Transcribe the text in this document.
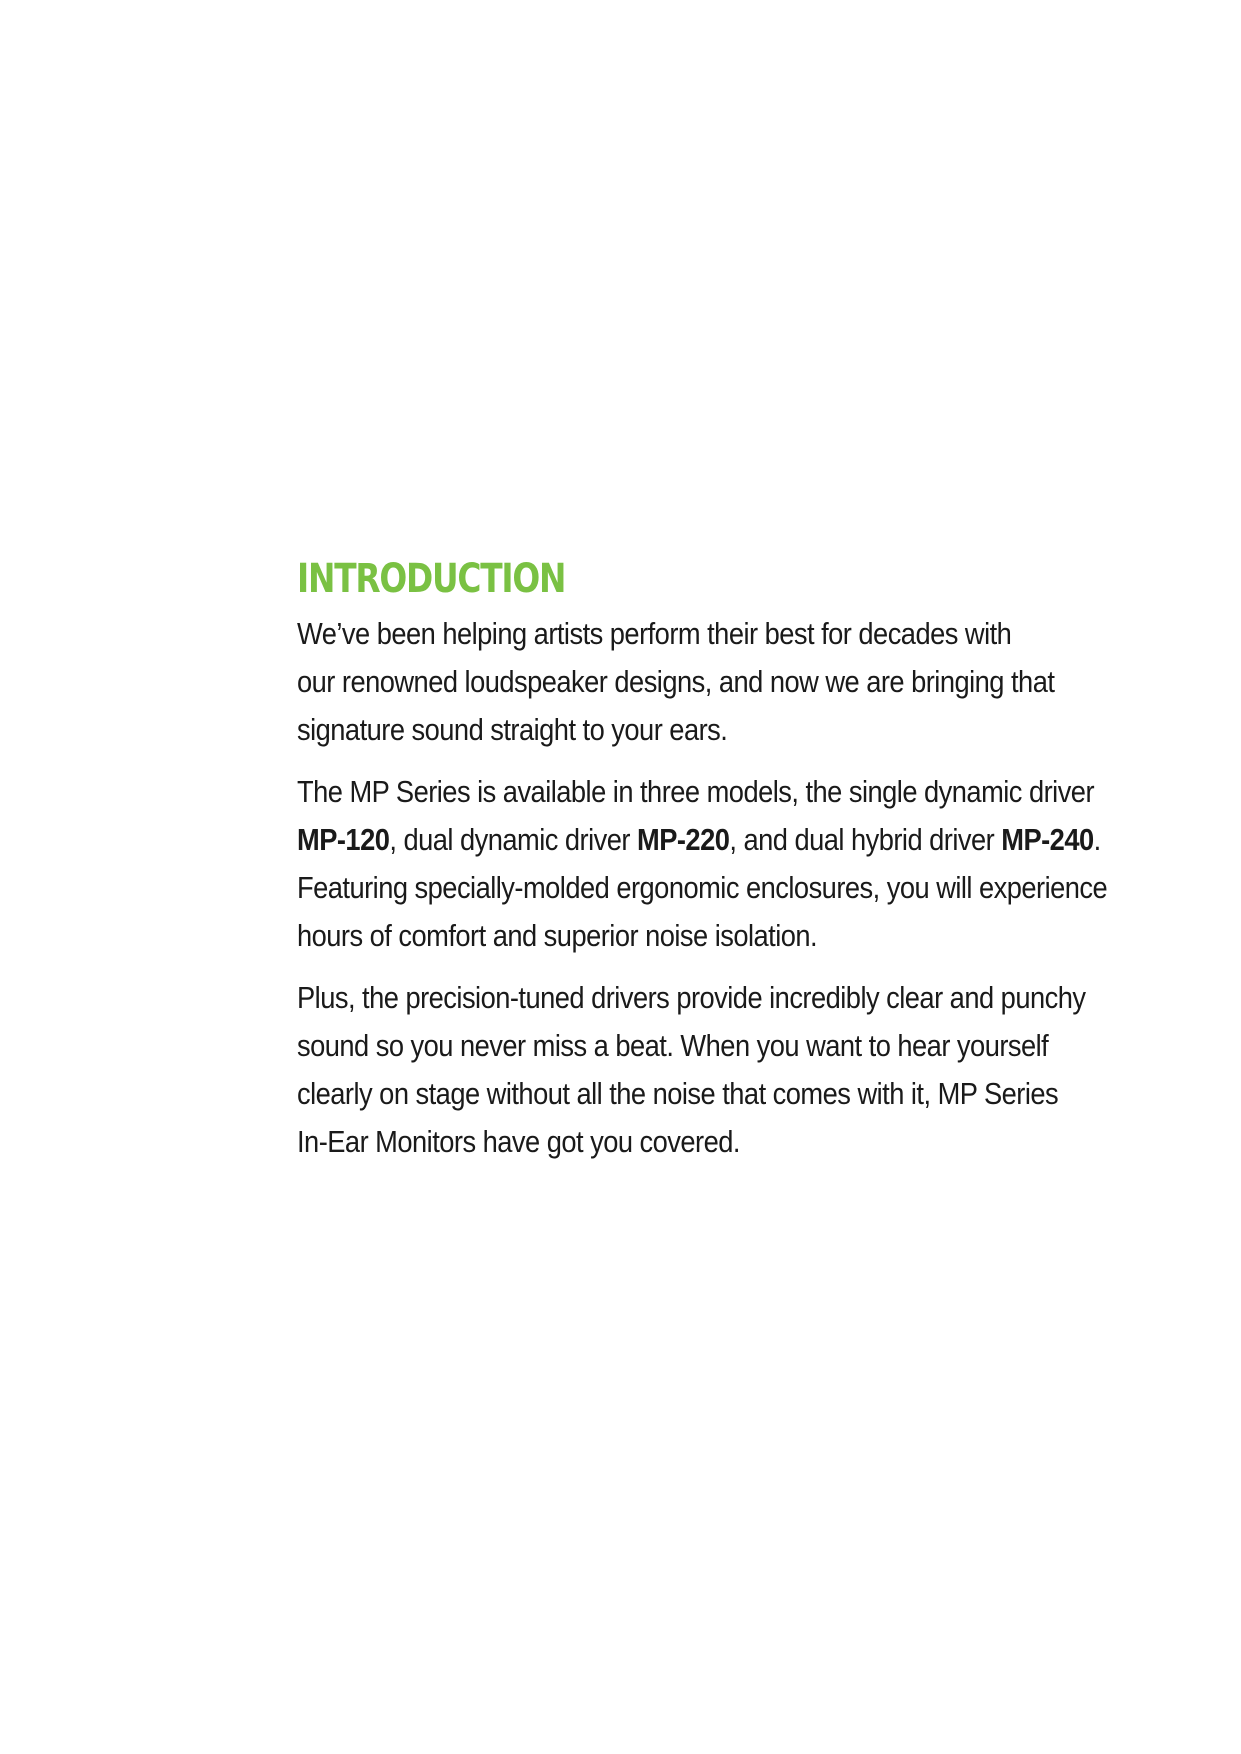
INTRODUCTION

We’ve been helping artists perform their best for decades with
our renowned loudspeaker designs, and now we are bringing that
signature sound straight to your ears.

The MP Series is available in three models, the single dynamic driver
MP-120, dual dynamic driver MP-220, and dual hybrid driver MP-240.
Featuring specially-molded ergonomic enclosures, you will experience
hours of comfort and superior noise isolation.

Plus, the precision-tuned drivers provide incredibly clear and punchy
sound so you never miss a beat. When you want to hear yourself
clearly on stage without all the noise that comes with it, MP Series
In-Ear Monitors have got you covered.
